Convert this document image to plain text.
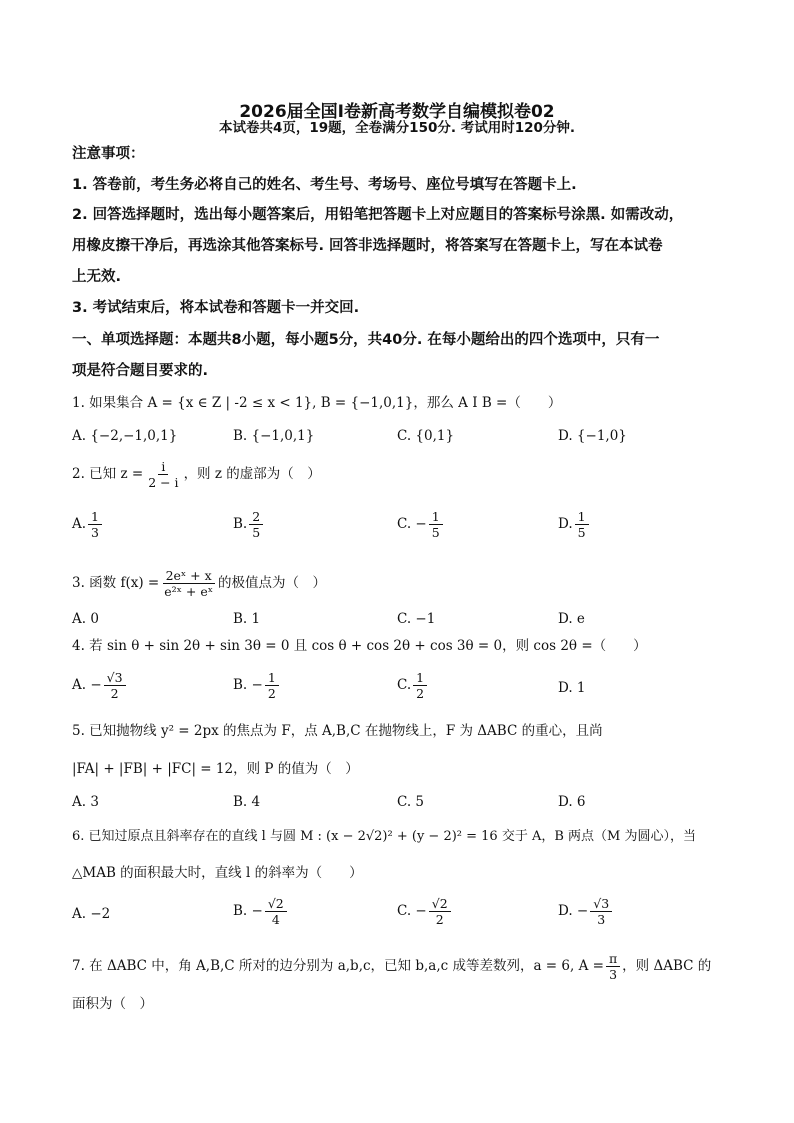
2026届全国Ⅰ卷新高考数学自编模拟卷02
本试卷共4页，19题，全卷满分150分. 考试用时120分钟.
注意事项：
1. 答卷前，考生务必将自己的姓名、考生号、考场号、座位号填写在答题卡上.
2. 回答选择题时，选出每小题答案后，用铅笔把答题卡上对应题目的答案标号涂黑. 如需改动，
用橡皮擦干净后，再选涂其他答案标号. 回答非选择题时，将答案写在答题卡上，写在本试卷
上无效.
3. 考试结束后，将本试卷和答题卡一并交回.
一、单项选择题：本题共8小题，每小题5分，共40分. 在每小题给出的四个选项中，只有一
项是符合题目要求的.
1. 如果集合 A = {x ∈ Z | -2 ≤ x < 1}, B = {−1,0,1}，那么 A I B =（　　）
A. {−2,−1,0,1}	B. {−1,0,1}	C. {0,1}	D. {−1,0}
2. 已知 $z = \frac{i}{2 - i}$ ，则 z 的虚部为（　）
A. $\frac{1}{3}$	B. $\frac{2}{5}$	C. − $\frac{1}{5}$	D. $\frac{1}{5}$
3. 函数 $f(x) = \frac{\text{2eˣ + x}}{\text{e²ˣ + eˣ}}$ 的极值点为（　）
A. 0	B. 1	C. −1	D. e
4. 若 sin θ + sin 2θ + sin 3θ = 0 且 cos θ + cos 2θ + cos 3θ = 0，则 cos 2θ =（　　）
A. − $\frac{√3}{2}$	B. − $\frac{1}{2}$	C. $\frac{1}{2}$	D. 1
5. 已知抛物线 y² = 2px 的焦点为 F，点 A,B,C 在抛物线上，F 为 ΔABC 的重心，且尚
|FA| + |FB| + |FC| = 12，则 P 的值为（　）
A. 3	B. 4	C. 5	D. 6
6. 已知过原点且斜率存在的直线 l 与圆 M : (x − 2√2)² + (y − 2)² = 16 交于 A，B 两点（M 为圆心），当
△MAB 的面积最大时，直线 l 的斜率为（　　）
A. −2	B. − $\frac{√2}{4}$	C. − $\frac{√2}{2}$	D. − $\frac{√3}{3}$
7. 在 ΔABC 中，角 A,B,C 所对的边分别为 a,b,c，已知 b,a,c 成等差数列，a = 6, $A = \frac{\pi}{3}$ ，则 ΔABC 的
面积为（　）
